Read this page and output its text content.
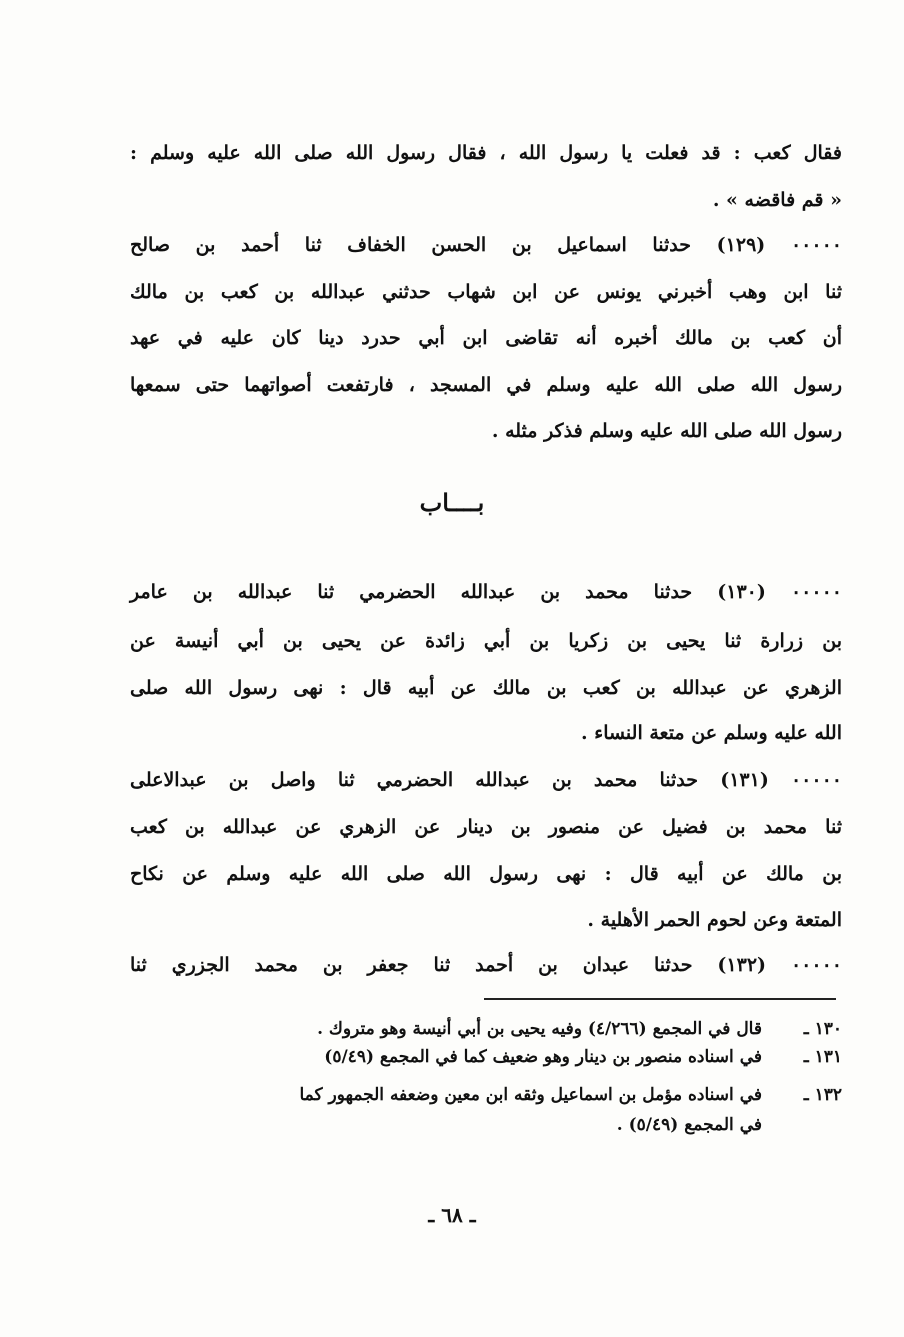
فقال كعب : قد فعلت يا رسول الله ، فقال رسول الله صلى الله عليه وسلم :
« قم فاقضه » .
٠٠٠٠٠ (١٢٩) حدثنا اسماعيل بن الحسن الخفاف ثنا أحمد بن صالح
ثنا ابن وهب أخبرني يونس عن ابن شهاب حدثني عبدالله بن كعب بن مالك
أن كعب بن مالك أخبره أنه تقاضى ابن أبي حدرد دينا كان عليه في عهد
رسول الله صلى الله عليه وسلم في المسجد ، فارتفعت أصواتهما حتى سمعها
رسول الله صلى الله عليه وسلم فذكر مثله .
بــــاب
٠٠٠٠٠ (١٣٠) حدثنا محمد بن عبدالله الحضرمي ثنا عبدالله بن عامر
بن زرارة ثنا يحيى بن زكريا بن أبي زائدة عن يحيى بن أبي أنيسة عن
الزهري عن عبدالله بن كعب بن مالك عن أبيه قال : نهى رسول الله صلى
الله عليه وسلم عن متعة النساء .
٠٠٠٠٠ (١٣١) حدثنا محمد بن عبدالله الحضرمي ثنا واصل بن عبدالاعلى
ثنا محمد بن فضيل عن منصور بن دينار عن الزهري عن عبدالله بن كعب
بن مالك عن أبيه قال : نهى رسول الله صلى الله عليه وسلم عن نكاح
المتعة وعن لحوم الحمر الأهلية .
٠٠٠٠٠ (١٣٢) حدثنا عبدان بن أحمد ثنا جعفر بن محمد الجزري ثنا
١٣٠ ـقال في المجمع (٤/٢٦٦) وفيه يحيى بن أبي أنيسة وهو متروك .
١٣١ ـفي اسناده منصور بن دينار وهو ضعيف كما في المجمع (٥/٤٩)
١٣٢ ـفي اسناده مؤمل بن اسماعيل وثقه ابن معين وضعفه الجمهور كما
في المجمع (٥/٤٩) .
ـ ٦٨ ـ
